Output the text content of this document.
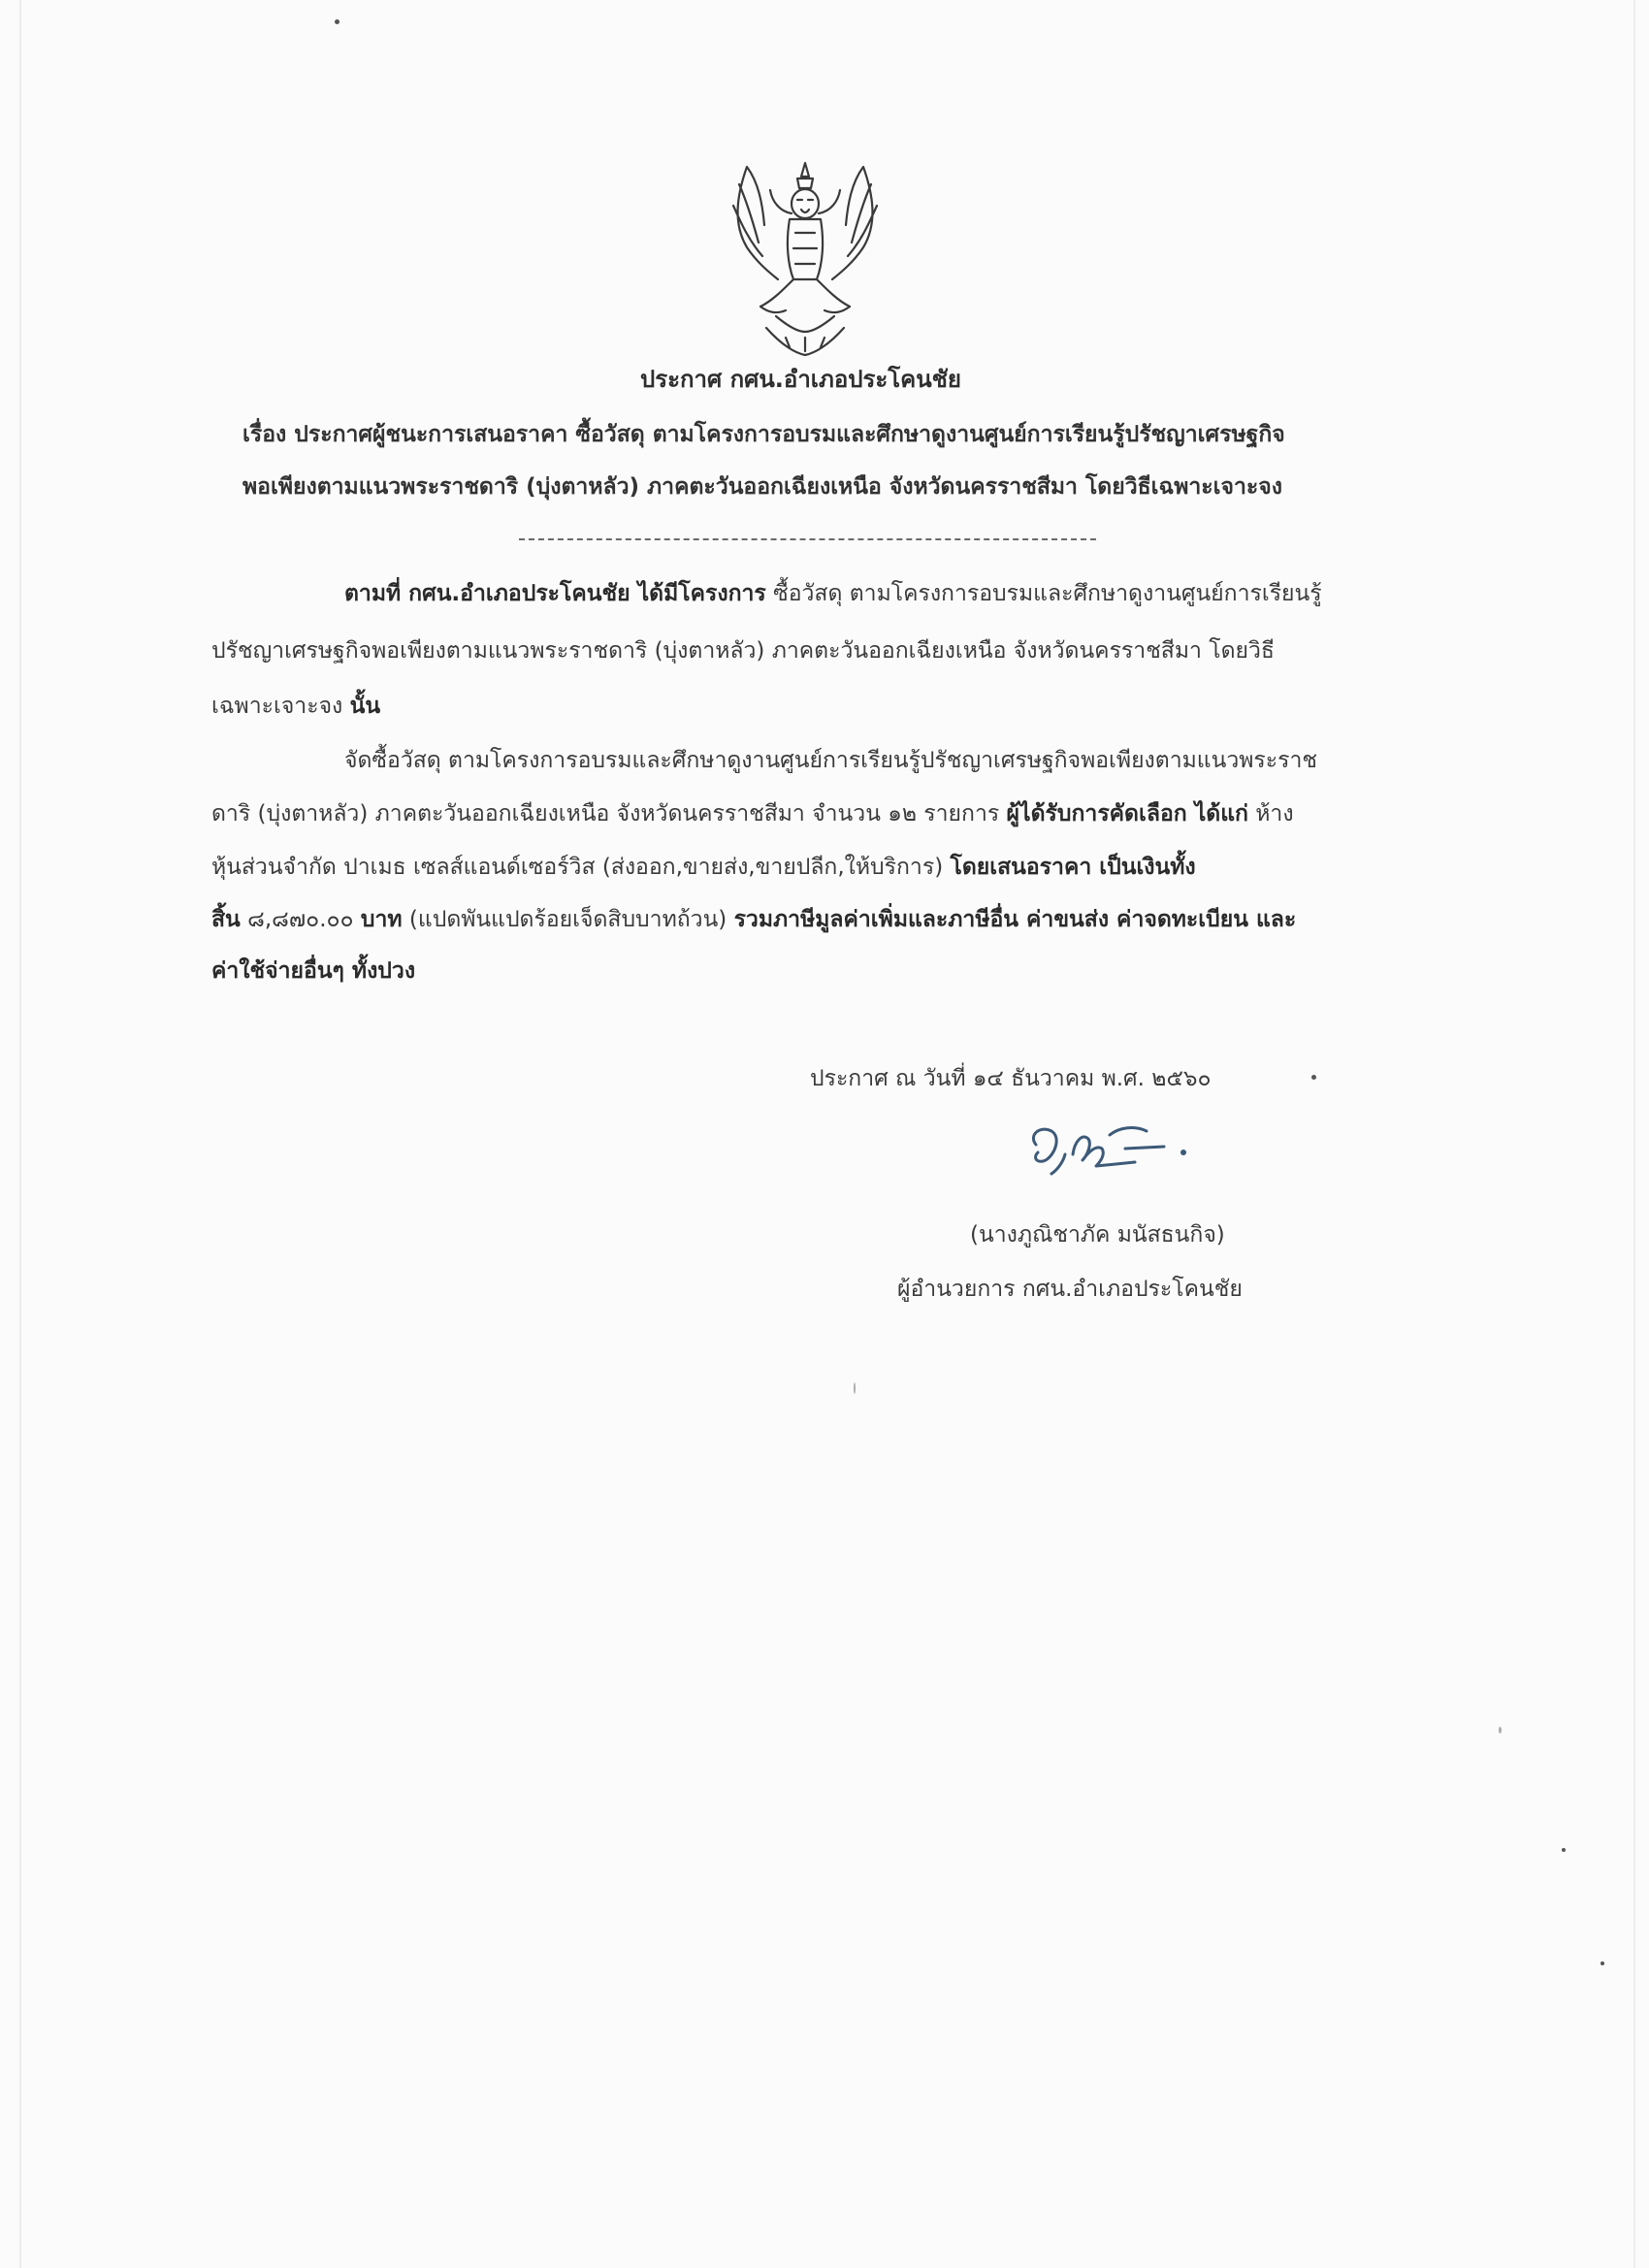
ประกาศ กศน.อำเภอประโคนชัย
เรื่อง ประกาศผู้ชนะการเสนอราคา ซื้อวัสดุ ตามโครงการอบรมและศึกษาดูงานศูนย์การเรียนรู้ปรัชญาเศรษฐกิจ
พอเพียงตามแนวพระราชดาริ (บุ่งตาหลัว) ภาคตะวันออกเฉียงเหนือ จังหวัดนครราชสีมา โดยวิธีเฉพาะเจาะจง
ตามที่ กศน.อำเภอประโคนชัย ได้มีโครงการ ซื้อวัสดุ ตามโครงการอบรมและศึกษาดูงานศูนย์การเรียนรู้
ปรัชญาเศรษฐกิจพอเพียงตามแนวพระราชดาริ (บุ่งตาหลัว) ภาคตะวันออกเฉียงเหนือ จังหวัดนครราชสีมา โดยวิธี
เฉพาะเจาะจง นั้น
จัดซื้อวัสดุ ตามโครงการอบรมและศึกษาดูงานศูนย์การเรียนรู้ปรัชญาเศรษฐกิจพอเพียงตามแนวพระราช
ดาริ (บุ่งตาหลัว) ภาคตะวันออกเฉียงเหนือ จังหวัดนครราชสีมา จำนวน ๑๒ รายการ ผู้ได้รับการคัดเลือก ได้แก่ ห้าง
หุ้นส่วนจำกัด ปาเมธ เซลส์แอนด์เซอร์วิส (ส่งออก,ขายส่ง,ขายปลีก,ให้บริการ) โดยเสนอราคา เป็นเงินทั้ง
สิ้น ๘,๘๗๐.๐๐ บาท (แปดพันแปดร้อยเจ็ดสิบบาทถ้วน) รวมภาษีมูลค่าเพิ่มและภาษีอื่น ค่าขนส่ง ค่าจดทะเบียน และ
ค่าใช้จ่ายอื่นๆ ทั้งปวง
ประกาศ ณ วันที่ ๑๔ ธันวาคม พ.ศ. ๒๕๖๐
(นางภูณิชาภัค มนัสธนกิจ)
ผู้อำนวยการ กศน.อำเภอประโคนชัย
